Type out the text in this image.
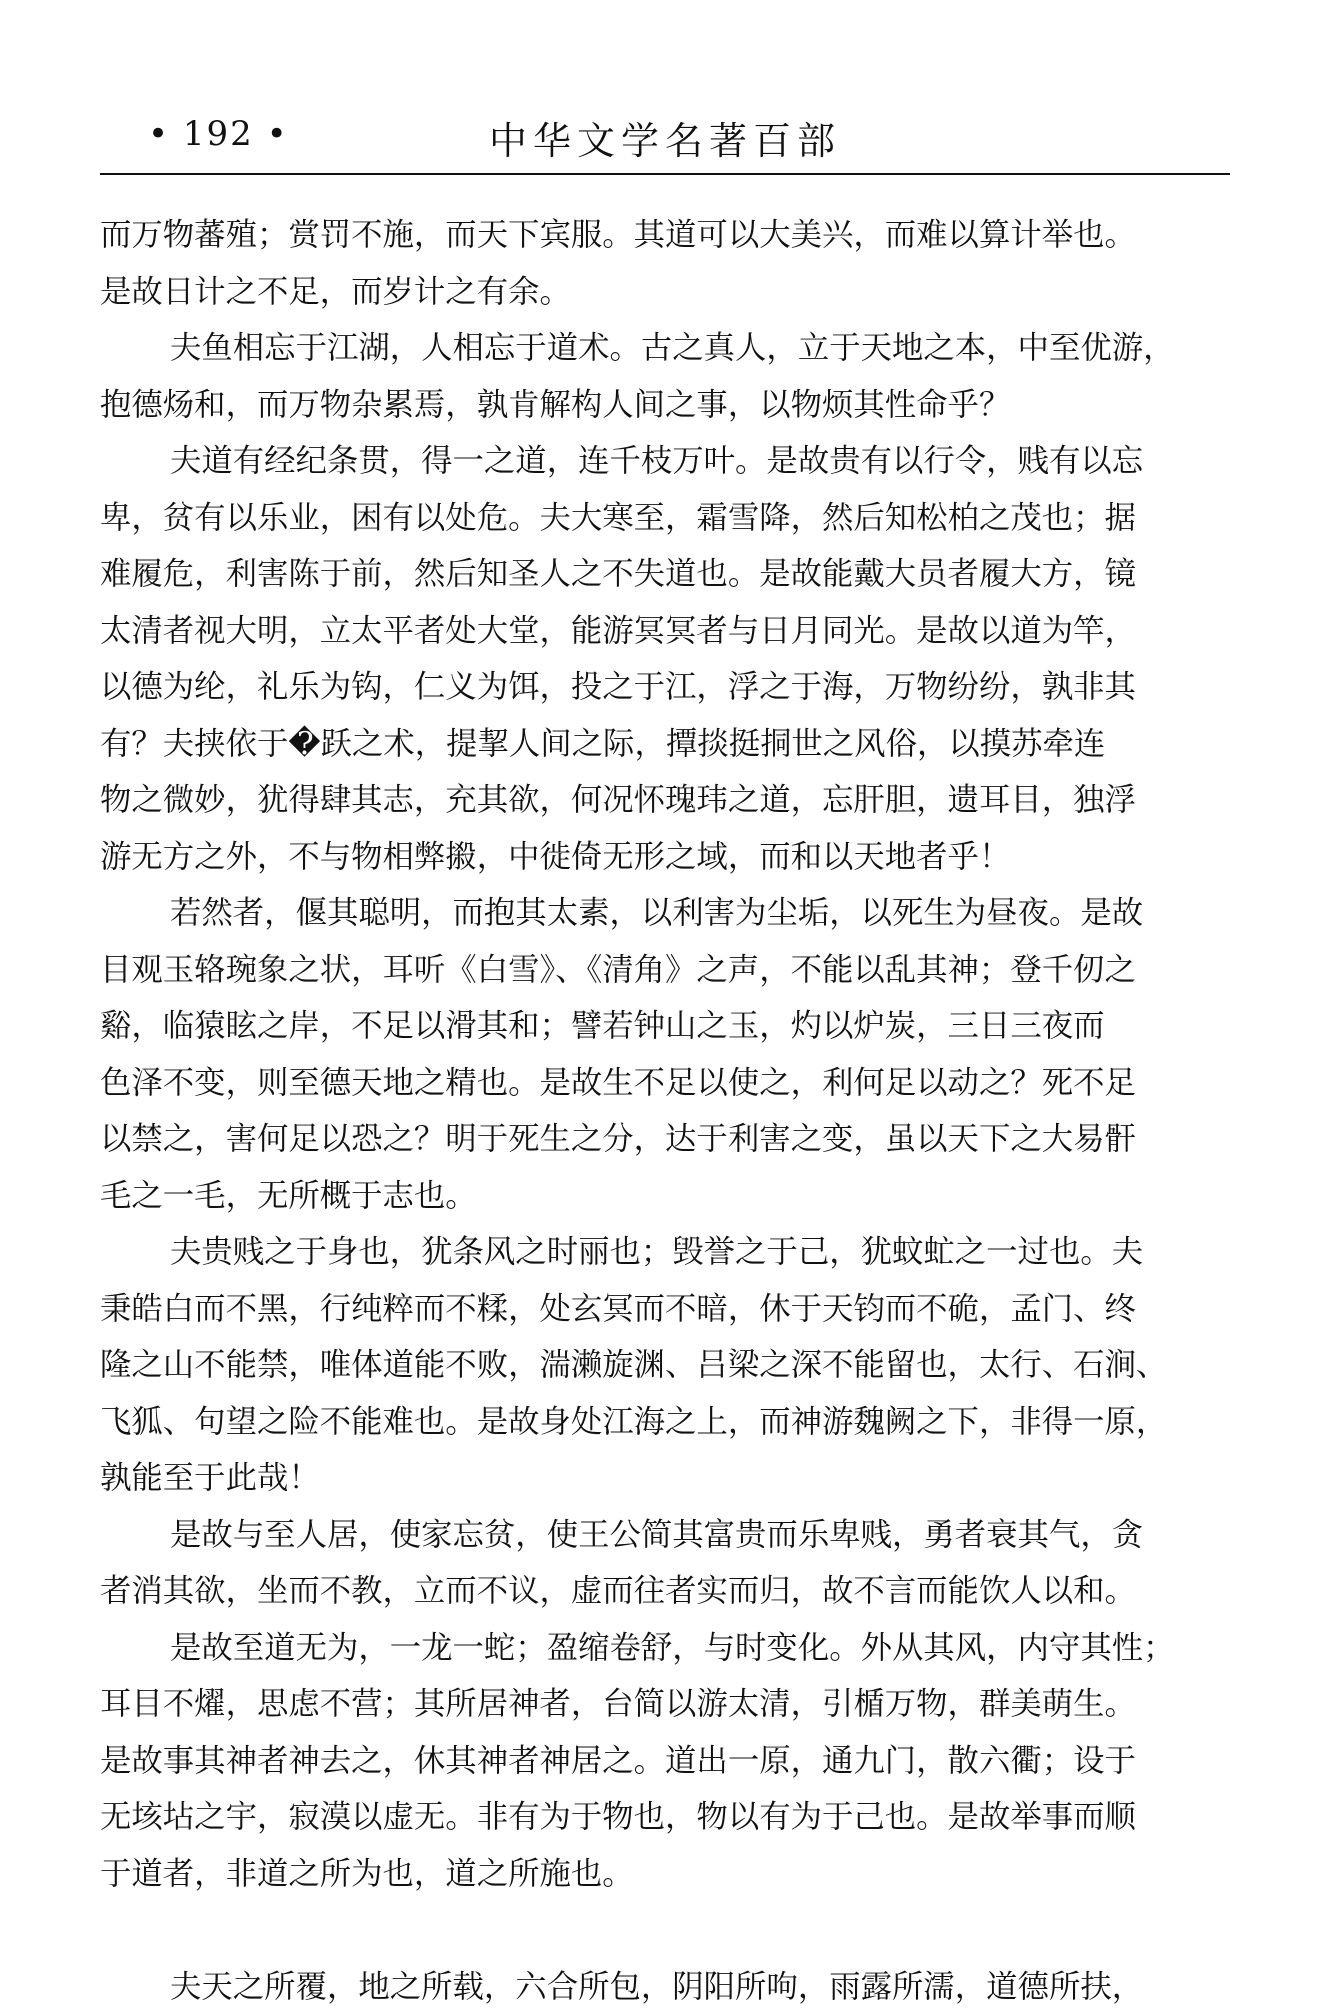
• 192 •	中华文学名著百部
而万物蕃殖；赏罚不施，而天下宾服。其道可以大美兴，而难以算计举也。
是故日计之不足，而岁计之有余。
夫鱼相忘于江湖，人相忘于道术。古之真人，立于天地之本，中至优游，
抱德炀和，而万物杂累焉，孰肯解构人间之事，以物烦其性命乎？
夫道有经纪条贯，得一之道，连千枝万叶。是故贵有以行令，贱有以忘
卑，贫有以乐业，困有以处危。夫大寒至，霜雪降，然后知松柏之茂也；据
难履危，利害陈于前，然后知圣人之不失道也。是故能戴大员者履大方，镜
太清者视大明，立太平者处大堂，能游冥冥者与日月同光。是故以道为竿，
以德为纶，礼乐为钩，仁义为饵，投之于江，浮之于海，万物纷纷，孰非其
有？夫挟依于�跃之术，提挈人间之际，撢掞挺挏世之风俗，以摸苏牵连
物之微妙，犹得肆其志，充其欲，何况怀瑰玮之道，忘肝胆，遗耳目，独浮
游无方之外，不与物相弊摋，中徙倚无形之域，而和以天地者乎！
若然者，偃其聪明，而抱其太素，以利害为尘垢，以死生为昼夜。是故
目观玉辂琬象之状，耳听《白雪》、《清角》之声，不能以乱其神；登千仞之
谿，临猿眩之岸，不足以滑其和；譬若钟山之玉，灼以炉炭，三日三夜而
色泽不变，则至德天地之精也。是故生不足以使之，利何足以动之？死不足
以禁之，害何足以恐之？明于死生之分，达于利害之变，虽以天下之大易骭
毛之一毛，无所概于志也。
夫贵贱之于身也，犹条风之时丽也；毁誉之于己，犹蚊虻之一过也。夫
秉皓白而不黑，行纯粹而不糅，处玄冥而不暗，休于天钧而不硊，孟门、终
隆之山不能禁，唯体道能不败，湍濑旋渊、吕梁之深不能留也，太行、石涧、
飞狐、句望之险不能难也。是故身处江海之上，而神游魏阙之下，非得一原，
孰能至于此哉！
是故与至人居，使家忘贫，使王公简其富贵而乐卑贱，勇者衰其气，贪
者消其欲，坐而不教，立而不议，虚而往者实而归，故不言而能饮人以和。
是故至道无为，一龙一蛇；盈缩卷舒，与时变化。外从其风，内守其性；
耳目不燿，思虑不营；其所居神者，台简以游太清，引楯万物，群美萌生。
是故事其神者神去之，休其神者神居之。道出一原，通九门，散六衢；设于
无垓坫之宇，寂漠以虚无。非有为于物也，物以有为于己也。是故举事而顺
于道者，非道之所为也，道之所施也。
夫天之所覆，地之所载，六合所包，阴阳所呴，雨露所濡，道德所扶，
